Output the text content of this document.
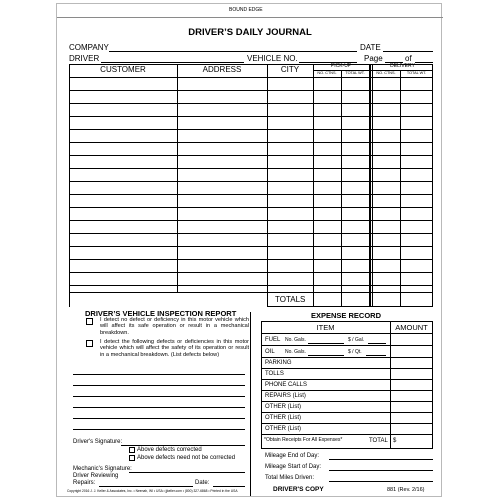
BOUND EDGE
DRIVER’S DAILY JOURNAL
COMPANY	DATE
DRIVER	VEHICLE NO.	Page	of
CUSTOMER	ADDRESS	CITY	PICK-UP	DELIVERY
NO. CTNS.	TOTAL WT.	NO. CTNS.	TOTAL WT.
TOTALS
DRIVER’S VEHICLE INSPECTION REPORT
I detect no defect or deficiency in this motor vehicle which will affect its safe operation or result in a mechanical breakdown.
I detect the following defects or deficiencies in this motor vehicle which will affect the safety of its operation or result in a mechanical breakdown. (List defects below)
Driver's Signature:
Above defects corrected
Above defects need not be corrected
Mechanic's Signature:
Driver Reviewing
Repairs:	Date:
EXPENSE RECORD
ITEM	AMOUNT
FUEL No. Gals.	$ / Gal.
OIL No. Gals.	$ / Qt.
PARKING
TOLLS
PHONE CALLS
REPAIRS (List)
OTHER (List)
OTHER (List)
OTHER (List)
*Obtain Receipts For All Expenses*	TOTAL $
Mileage End of Day:
Mileage Start of Day:
Total Miles Driven:
Copyright 2016 J. J. Keller & Associates, Inc. • Neenah, WI • USA • jjkeller.com • (800) 327-6868 • Printed in the USA	DRIVER'S COPY	881 (Rev. 2/16)
